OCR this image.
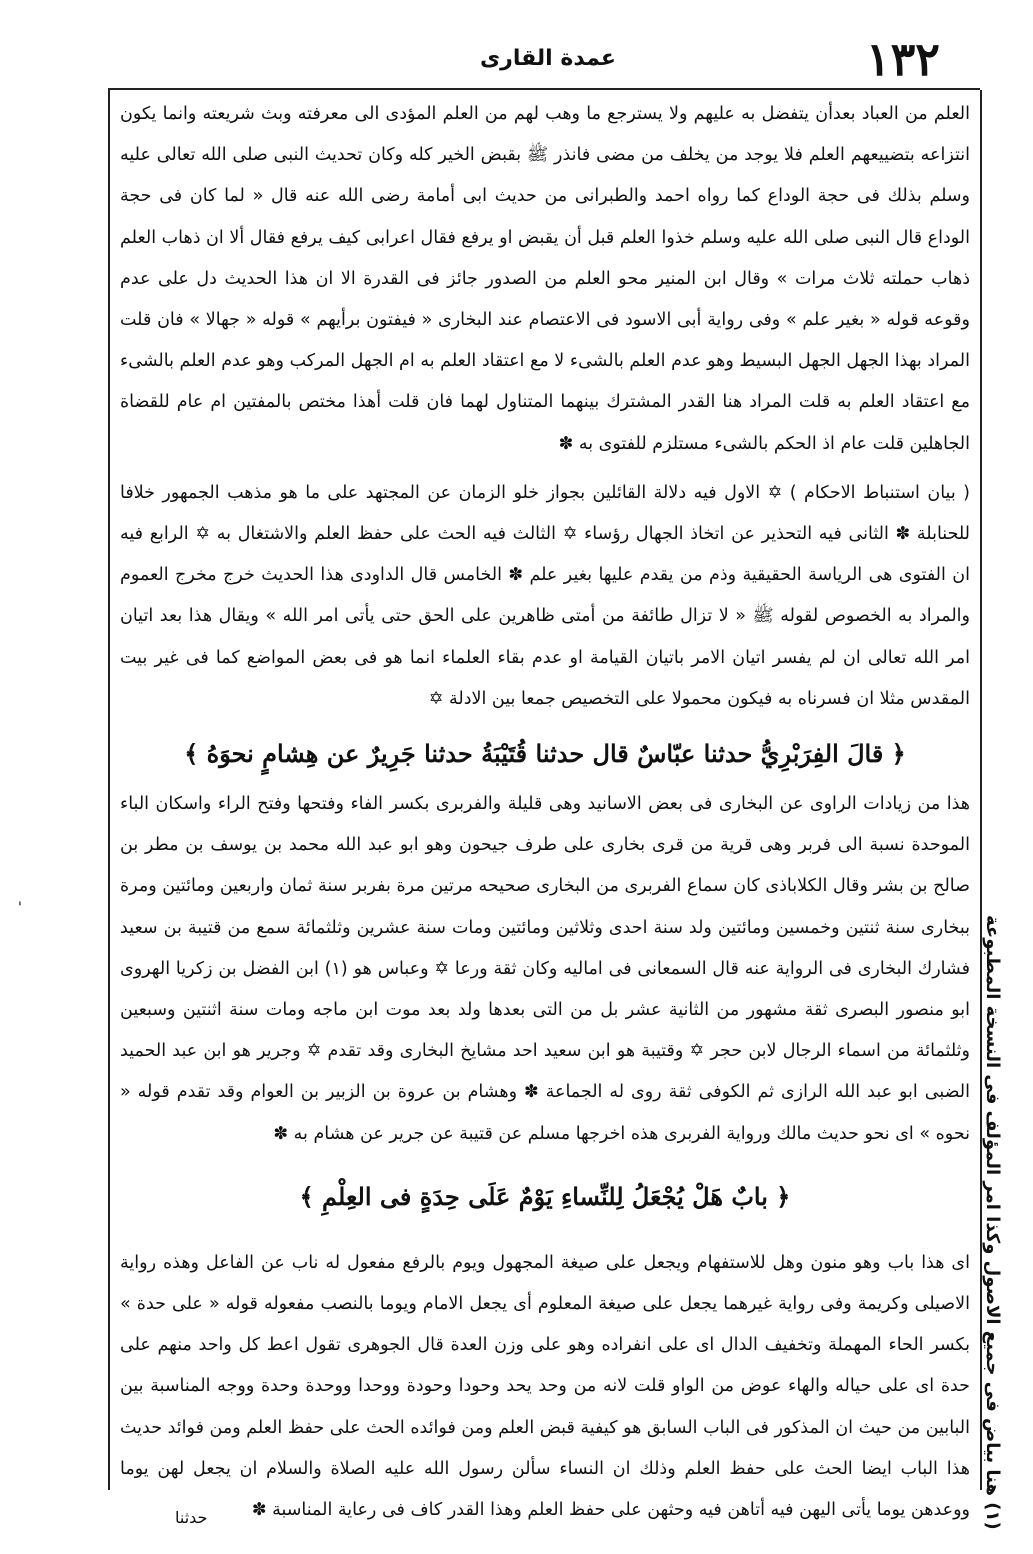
١٣٢
عمدة القارى

العلم من العباد بعدأن يتفضل به عليهم ولا يسترجع ما وهب لهم من العلم المؤدى الى معرفته وبث شريعته وانما يكون انتزاعه بتضييعهم العلم فلا يوجد من يخلف من مضى فانذر ﷺ بقبض الخير كله وكان تحديث النبى صلى الله تعالى عليه وسلم بذلك فى حجة الوداع كما رواه احمد والطبرانى من حديث ابى أمامة رضى الله عنه قال « لما كان فى حجة الوداع قال النبى صلى الله عليه وسلم خذوا العلم قبل أن يقبض او يرفع فقال اعرابى كيف يرفع فقال ألا ان ذهاب العلم ذهاب حملته ثلاث مرات » وقال ابن المنير محو العلم من الصدور جائز فى القدرة الا ان هذا الحديث دل على عدم وقوعه قوله « بغير علم » وفى رواية أبى الاسود فى الاعتصام عند البخارى « فيفتون برأيهم » قوله « جهالا » فان قلت المراد بهذا الجهل الجهل البسيط وهو عدم العلم بالشىء لا مع اعتقاد العلم به ام الجهل المركب وهو عدم العلم بالشىء مع اعتقاد العلم به قلت المراد هنا القدر المشترك بينهما المتناول لهما فان قلت أهذا مختص بالمفتين ام عام للقضاة الجاهلين قلت عام اذ الحكم بالشىء مستلزم للفتوى به ✽

( بيان استنباط الاحكام ) ✡ الاول فيه دلالة القائلين بجواز خلو الزمان عن المجتهد على ما هو مذهب الجمهور خلافا للحنابلة ✽ الثانى فيه التحذير عن اتخاذ الجهال رؤساء ✡ الثالث فيه الحث على حفظ العلم والاشتغال به ✡ الرابع فيه ان الفتوى هى الرياسة الحقيقية وذم من يقدم عليها بغير علم ✽ الخامس قال الداودى هذا الحديث خرج مخرج العموم والمراد به الخصوص لقوله ﷺ « لا تزال طائفة من أمتى ظاهرين على الحق حتى يأتى امر الله » ويقال هذا بعد اتيان امر الله تعالى ان لم يفسر اتيان الامر باتيان القيامة او عدم بقاء العلماء انما هو فى بعض المواضع كما فى غير بيت المقدس مثلا ان فسرناه به فيكون محمولا على التخصيص جمعا بين الادلة ✡

﴿ قالَ الفِرَبْرِيُّ حدثنا عبّاسٌ قال حدثنا قُتَيْبَةُ حدثنا جَرِيرٌ عن هِشامٍ نحوَهُ ﴾

هذا من زيادات الراوى عن البخارى فى بعض الاسانيد وهى قليلة والفربرى بكسر الفاء وفتحها وفتح الراء واسكان الباء الموحدة نسبة الى فربر وهى قرية من قرى بخارى على طرف جيحون وهو ابو عبد الله محمد بن يوسف بن مطر بن صالح بن بشر وقال الكلاباذى كان سماع الفربرى من البخارى صحيحه مرتين مرة بفربر سنة ثمان واربعين ومائتين ومرة ببخارى سنة ثنتين وخمسين ومائتين ولد سنة احدى وثلاثين ومائتين ومات سنة عشرين وثلثمائة سمع من قتيبة بن سعيد فشارك البخارى فى الرواية عنه قال السمعانى فى اماليه وكان ثقة ورعا ✡ وعباس هو (١) ابن الفضل بن زكريا الهروى ابو منصور البصرى ثقة مشهور من الثانية عشر بل من التى بعدها ولد بعد موت ابن ماجه ومات سنة اثنتين وسبعين وثلثمائة من اسماء الرجال لابن حجر ✡ وقتيبة هو ابن سعيد احد مشايخ البخارى وقد تقدم ✡ وجرير هو ابن عبد الحميد الضبى ابو عبد الله الرازى ثم الكوفى ثقة روى له الجماعة ✽ وهشام بن عروة بن الزبير بن العوام وقد تقدم قوله « نحوه » اى نحو حديث مالك ورواية الفربرى هذه اخرجها مسلم عن قتيبة عن جرير عن هشام به ✽

﴿ بابٌ هَلْ يُجْعَلُ لِلنِّساءِ يَوْمٌ عَلَى حِدَةٍ فى العِلْمِ ﴾

اى هذا باب وهو منون وهل للاستفهام ويجعل على صيغة المجهول ويوم بالرفع مفعول له ناب عن الفاعل وهذه رواية الاصيلى وكريمة وفى رواية غيرهما يجعل على صيغة المعلوم أى يجعل الامام ويوما بالنصب مفعوله قوله « على حدة » بكسر الحاء المهملة وتخفيف الدال اى على انفراده وهو على وزن العدة قال الجوهرى تقول اعط كل واحد منهم على حدة اى على حياله والهاء عوض من الواو قلت لانه من وحد يحد وحودا وحودة ووحدا ووحدة وحدة ووجه المناسبة بين البابين من حيث ان المذكور فى الباب السابق هو كيفية قبض العلم ومن فوائده الحث على حفظ العلم ومن فوائد حديث هذا الباب ايضا الحث على حفظ العلم وذلك ان النساء سألن رسول الله عليه الصلاة والسلام ان يجعل لهن يوما ووعدهن يوما يأتى اليهن فيه أتاهن فيه وحثهن على حفظ العلم وهذا القدر كاف فى رعاية المناسبة ✽ (١) هنا بياض فى جميع الاصول وكذا امر المؤلف فى النسخة المطبوعة
'
حدثنا
